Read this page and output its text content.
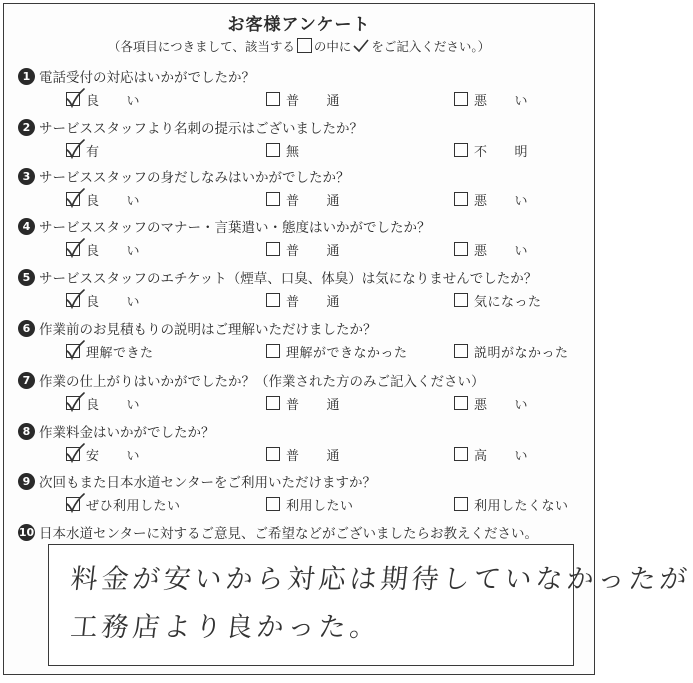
お客様アンケート
（各項目につきまして、該当する の中に をご記入ください。）
1 電話受付の対応はいかがでしたか？
良　　い	普　　通	悪　　い
2 サービススタッフより名刺の提示はございましたか？
有	無	不　　明
3 サービススタッフの身だしなみはいかがでしたか？
良　　い	普　　通	悪　　い
4 サービススタッフのマナー・言葉遣い・態度はいかがでしたか？
良　　い	普　　通	悪　　い
5 サービススタッフのエチケット（煙草、口臭、体臭）は気になりませんでしたか？
良　　い	普　　通	気になった
6 作業前のお見積もりの説明はご理解いただけましたか？
理解できた	理解ができなかった	説明がなかった
7 作業の仕上がりはいかがでしたか？（作業された方のみご記入ください）
良　　い	普　　通	悪　　い
8 作業料金はいかがでしたか？
安　　い	普　　通	高　　い
9 次回もまた日本水道センターをご利用いただけますか？
ぜひ利用したい	利用したい	利用したくない
10 日本水道センターに対するご意見、ご希望などがございましたらお教えください。
料金が安いから対応は期待していなかったが
工務店より良かった。
